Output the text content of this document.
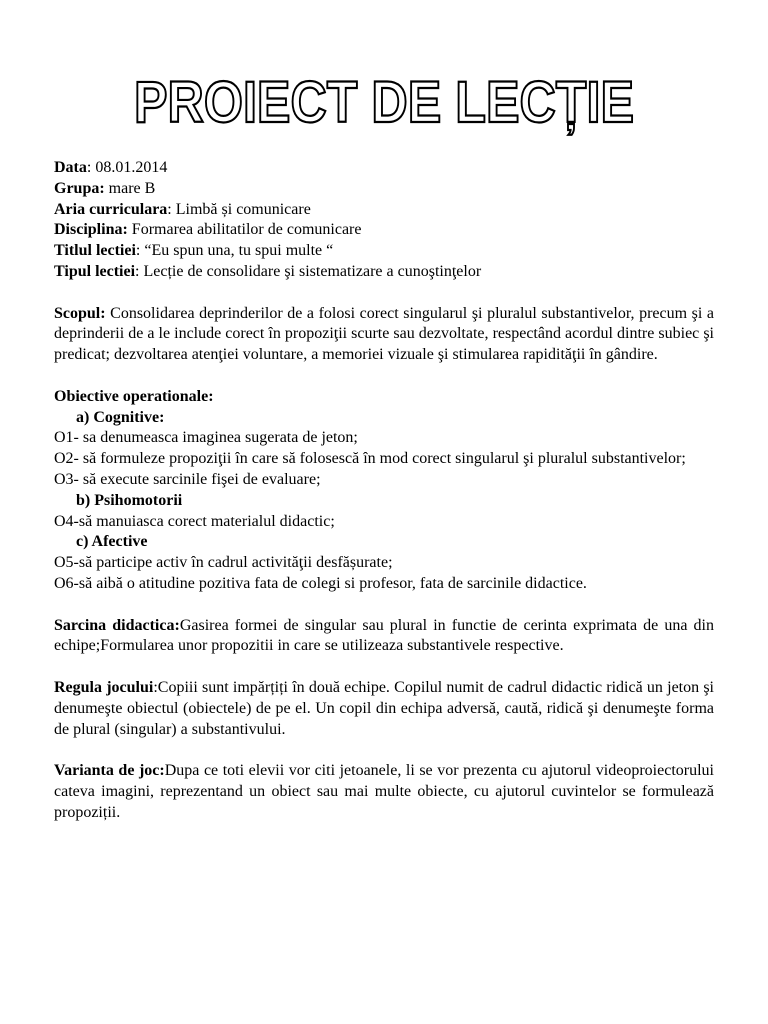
PROIECT DE LECȚIE

Data: 08.01.2014

Grupa: mare B

Aria curriculara: Limbă și comunicare

Disciplina: Formarea abilitatilor de comunicare

Titlul lectiei: “Eu spun una, tu spui multe “

Tipul lectiei: Lecție de consolidare şi sistematizare a cunoştinţelor

Scopul: Consolidarea deprinderilor de a folosi corect singularul şi pluralul substantivelor, precum şi a deprinderii de a le include corect în propoziţii scurte sau dezvoltate, respectând acordul dintre subiec şi predicat; dezvoltarea atenţiei voluntare, a memoriei vizuale şi stimularea rapidităţii în gândire.

Obiective operationale:

a) Cognitive:

O1- sa denumeasca imaginea sugerata de jeton;

O2- să formuleze propoziţii în care să folosescă în mod corect singularul şi pluralul substantivelor;

O3- să execute sarcinile fişei de evaluare;

b) Psihomotorii

O4-să manuiasca corect materialul didactic;

c) Afective

O5-să participe activ în cadrul activităţii desfășurate;

O6-să aibă o atitudine pozitiva fata de colegi si profesor, fata de sarcinile didactice.

Sarcina didactica:Gasirea formei de singular sau plural in functie de cerinta exprimata de una din echipe;Formularea unor propozitii in care se utilizeaza substantivele respective.

Regula jocului:Copiii sunt impărțiți în două echipe. Copilul numit de cadrul didactic ridică un jeton şi denumeşte obiectul (obiectele) de pe el. Un copil din echipa adversă, caută, ridică şi denumeşte forma de plural (singular) a substantivului.

Varianta de joc:Dupa ce toti elevii vor citi jetoanele, li se vor prezenta cu ajutorul videoproiectorului cateva imagini, reprezentand un obiect sau mai multe obiecte, cu ajutorul cuvintelor se formulează propoziții.
